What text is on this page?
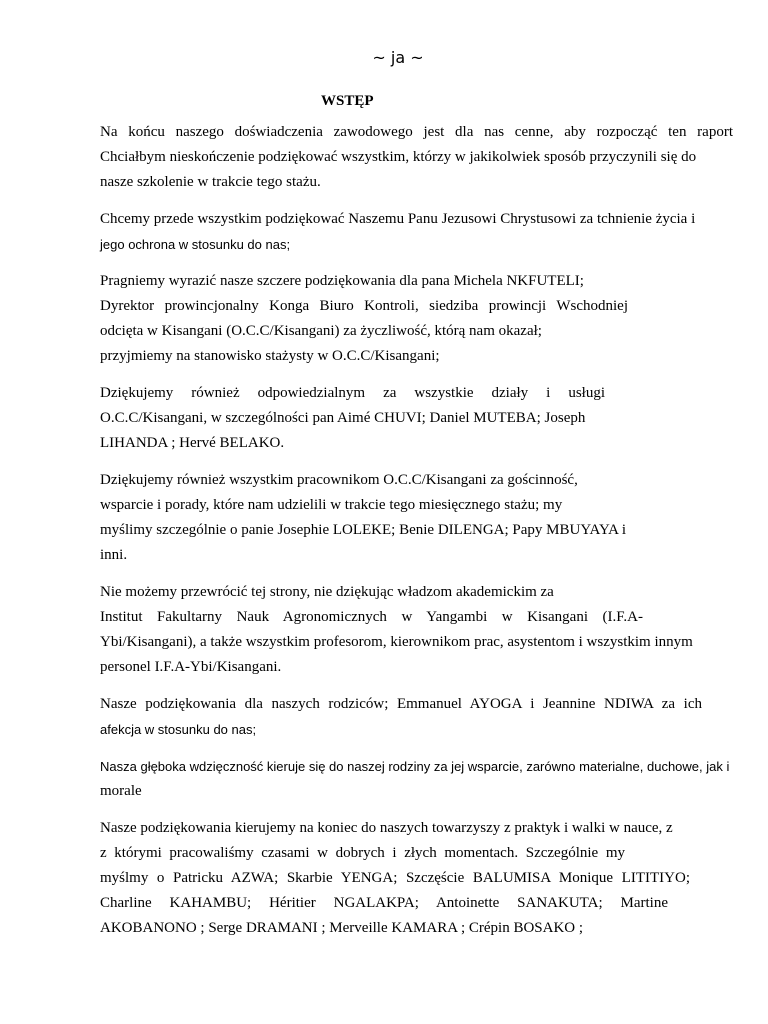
~ ja ~
WSTĘP
Na końcu naszego doświadczenia zawodowego jest dla nas cenne, aby rozpocząć ten raport
Chciałbym nieskończenie podziękować wszystkim, którzy w jakikolwiek sposób przyczynili się do
nasze szkolenie w trakcie tego stażu.
Chcemy przede wszystkim podziękować Naszemu Panu Jezusowi Chrystusowi za tchnienie życia i
jego ochrona w stosunku do nas;
Pragniemy wyrazić nasze szczere podziękowania dla pana Michela NKFUTELI;
Dyrektor prowincjonalny Konga Biuro Kontroli, siedziba prowincji Wschodniej
odcięta w Kisangani (O.C.C/Kisangani) za życzliwość, którą nam okazał;
przyjmiemy na stanowisko stażysty w O.C.C/Kisangani;
Dziękujemy również odpowiedzialnym za wszystkie działy i usługi
O.C.C/Kisangani, w szczególności pan Aimé CHUVI; Daniel MUTEBA; Joseph
LIHANDA ; Hervé BELAKO.
Dziękujemy również wszystkim pracownikom O.C.C/Kisangani za gościnność,
wsparcie i porady, które nam udzielili w trakcie tego miesięcznego stażu; my
myślimy szczególnie o panie Josephie LOLEKE; Benie DILENGA; Papy MBUYAYA i
inni.
Nie możemy przewrócić tej strony, nie dziękując władzom akademickim za
Institut Fakultarny Nauk Agronomicznych w Yangambi w Kisangani (I.F.A-
Ybi/Kisangani), a także wszystkim profesorom, kierownikom prac, asystentom i wszystkim innym
personel I.F.A-Ybi/Kisangani.
Nasze podziękowania dla naszych rodziców; Emmanuel AYOGA i Jeannine NDIWA za ich
afekcja w stosunku do nas;
Nasza głęboka wdzięczność kieruje się do naszej rodziny za jej wsparcie, zarówno materialne, duchowe, jak i
morale
Nasze podziękowania kierujemy na koniec do naszych towarzyszy z praktyk i walki w nauce, z
z którymi pracowaliśmy czasami w dobrych i złych momentach. Szczególnie my
myślmy o Patricku AZWA; Skarbie YENGA; Szczęście BALUMISA Monique LITITIYO;
Charline KAHAMBU; Héritier NGALAKPA; Antoinette SANAKUTA; Martine
AKOBANONO ; Serge DRAMANI ; Merveille KAMARA ; Crépin BOSAKO ;
